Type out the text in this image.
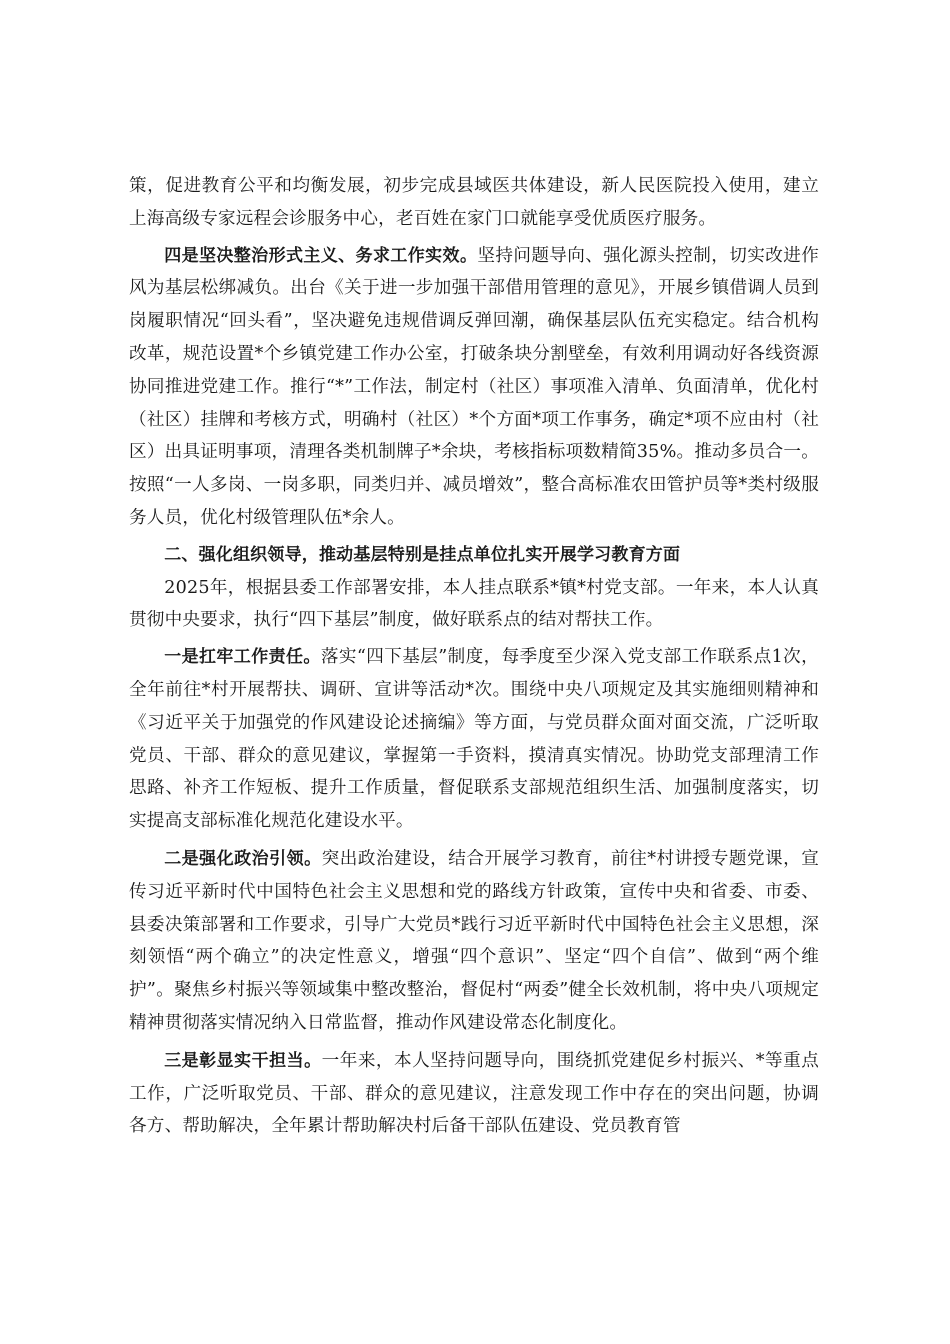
策，促进教育公平和均衡发展，初步完成县域医共体建设，新人民医院投入使用，建立上海高级专家远程会诊服务中心，老百姓在家门口就能享受优质医疗服务。

四是坚决整治形式主义、务求工作实效。坚持问题导向、强化源头控制，切实改进作风为基层松绑减负。出台《关于进一步加强干部借用管理的意见》，开展乡镇借调人员到岗履职情况“回头看”，坚决避免违规借调反弹回潮，确保基层队伍充实稳定。结合机构改革，规范设置*个乡镇党建工作办公室，打破条块分割壁垒，有效利用调动好各线资源协同推进党建工作。推行“*”工作法，制定村（社区）事项准入清单、负面清单，优化村（社区）挂牌和考核方式，明确村（社区）*个方面*项工作事务，确定*项不应由村（社区）出具证明事项，清理各类机制牌子*余块，考核指标项数精简35%。推动多员合一。按照“一人多岗、一岗多职，同类归并、减员增效”，整合高标准农田管护员等*类村级服务人员，优化村级管理队伍*余人。

二、强化组织领导，推动基层特别是挂点单位扎实开展学习教育方面

2025年，根据县委工作部署安排，本人挂点联系*镇*村党支部。一年来，本人认真贯彻中央要求，执行“四下基层”制度，做好联系点的结对帮扶工作。

一是扛牢工作责任。落实“四下基层”制度，每季度至少深入党支部工作联系点1次，全年前往*村开展帮扶、调研、宣讲等活动*次。围绕中央八项规定及其实施细则精神和《习近平关于加强党的作风建设论述摘编》等方面，与党员群众面对面交流，广泛听取党员、干部、群众的意见建议，掌握第一手资料，摸清真实情况。协助党支部理清工作思路、补齐工作短板、提升工作质量，督促联系支部规范组织生活、加强制度落实，切实提高支部标准化规范化建设水平。

二是强化政治引领。突出政治建设，结合开展学习教育，前往*村讲授专题党课，宣传习近平新时代中国特色社会主义思想和党的路线方针政策，宣传中央和省委、市委、县委决策部署和工作要求，引导广大党员*践行习近平新时代中国特色社会主义思想，深刻领悟“两个确立”的决定性意义，增强“四个意识”、坚定“四个自信”、做到“两个维护”。聚焦乡村振兴等领域集中整改整治，督促村“两委”健全长效机制，将中央八项规定精神贯彻落实情况纳入日常监督，推动作风建设常态化制度化。

三是彰显实干担当。一年来，本人坚持问题导向，围绕抓党建促乡村振兴、*等重点工作，广泛听取党员、干部、群众的意见建议，注意发现工作中存在的突出问题，协调各方、帮助解决，全年累计帮助解决村后备干部队伍建设、党员教育管
